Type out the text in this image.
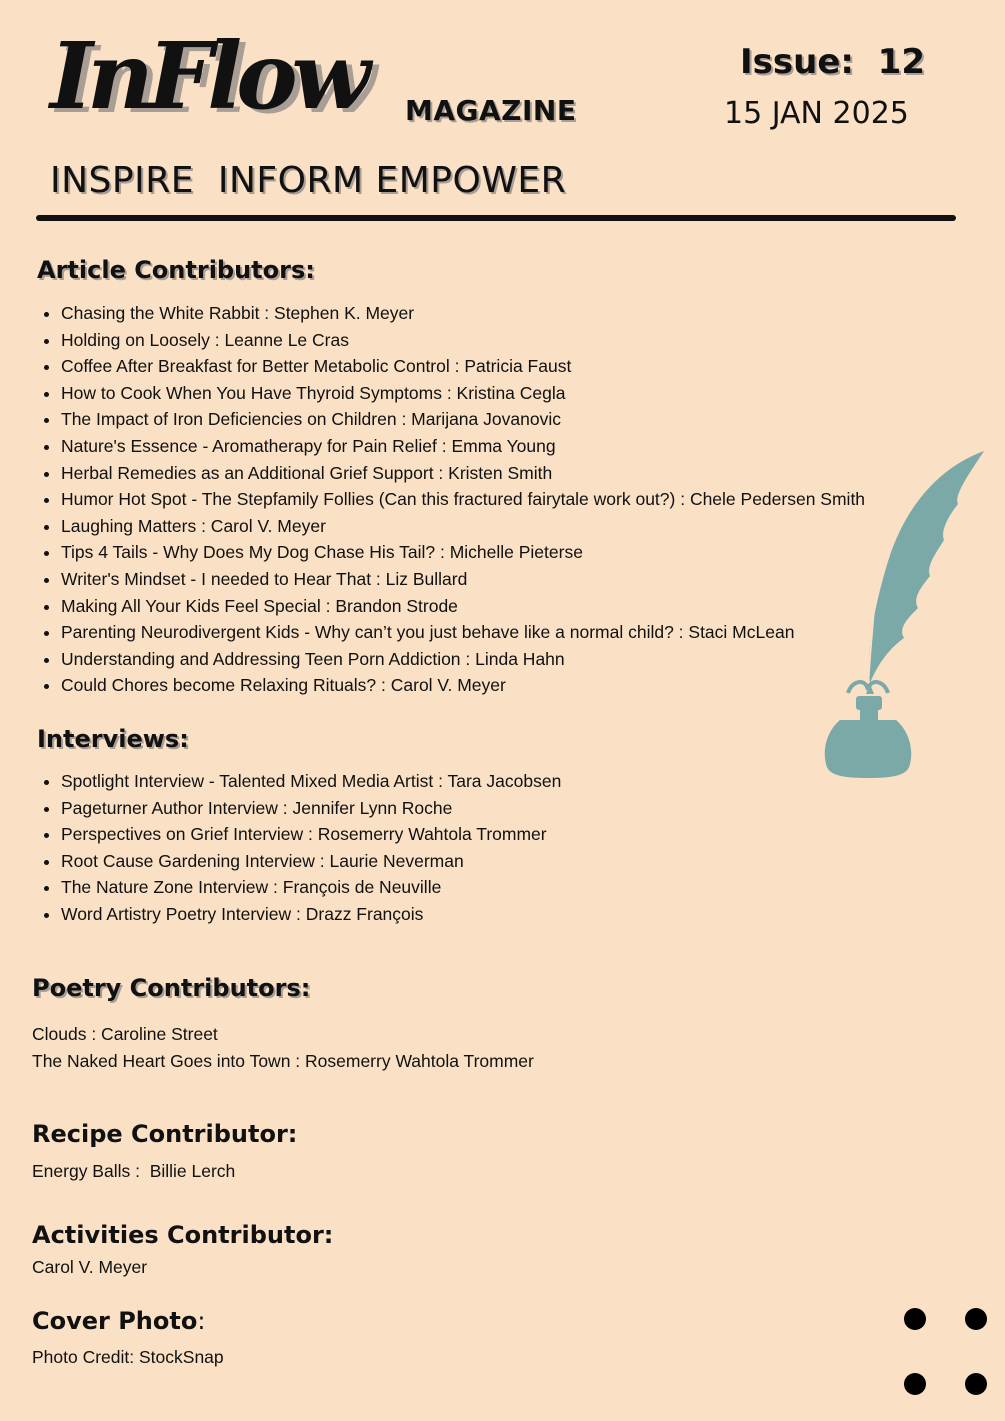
InFlow MAGAZINE
Issue:  12
15 JAN 2025
INSPIRE  INFORM EMPOWER
Article Contributors:
• Chasing the White Rabbit : Stephen K. Meyer
• Holding on Loosely : Leanne Le Cras
• Coffee After Breakfast for Better Metabolic Control : Patricia Faust
• How to Cook When You Have Thyroid Symptoms : Kristina Cegla
• The Impact of Iron Deficiencies on Children : Marijana Jovanovic
• Nature's Essence - Aromatherapy for Pain Relief : Emma Young
• Herbal Remedies as an Additional Grief Support : Kristen Smith
• Humor Hot Spot - The Stepfamily Follies (Can this fractured fairytale work out?) : Chele Pedersen Smith
• Laughing Matters : Carol V. Meyer
• Tips 4 Tails - Why Does My Dog Chase His Tail? : Michelle Pieterse
• Writer's Mindset - I needed to Hear That : Liz Bullard
• Making All Your Kids Feel Special : Brandon Strode
• Parenting Neurodivergent Kids - Why can’t you just behave like a normal child? : Staci McLean
• Understanding and Addressing Teen Porn Addiction : Linda Hahn
• Could Chores become Relaxing Rituals? : Carol V. Meyer
Interviews:
• Spotlight Interview - Talented Mixed Media Artist : Tara Jacobsen
• Pageturner Author Interview : Jennifer Lynn Roche
• Perspectives on Grief Interview : Rosemerry Wahtola Trommer
• Root Cause Gardening Interview : Laurie Neverman
• The Nature Zone Interview : François de Neuville
• Word Artistry Poetry Interview : Drazz François
Poetry Contributors:
Clouds : Caroline Street
The Naked Heart Goes into Town : Rosemerry Wahtola Trommer
Recipe Contributor:
Energy Balls :  Billie Lerch
Activities Contributor:
Carol V. Meyer
Cover Photo:
Photo Credit: StockSnap
